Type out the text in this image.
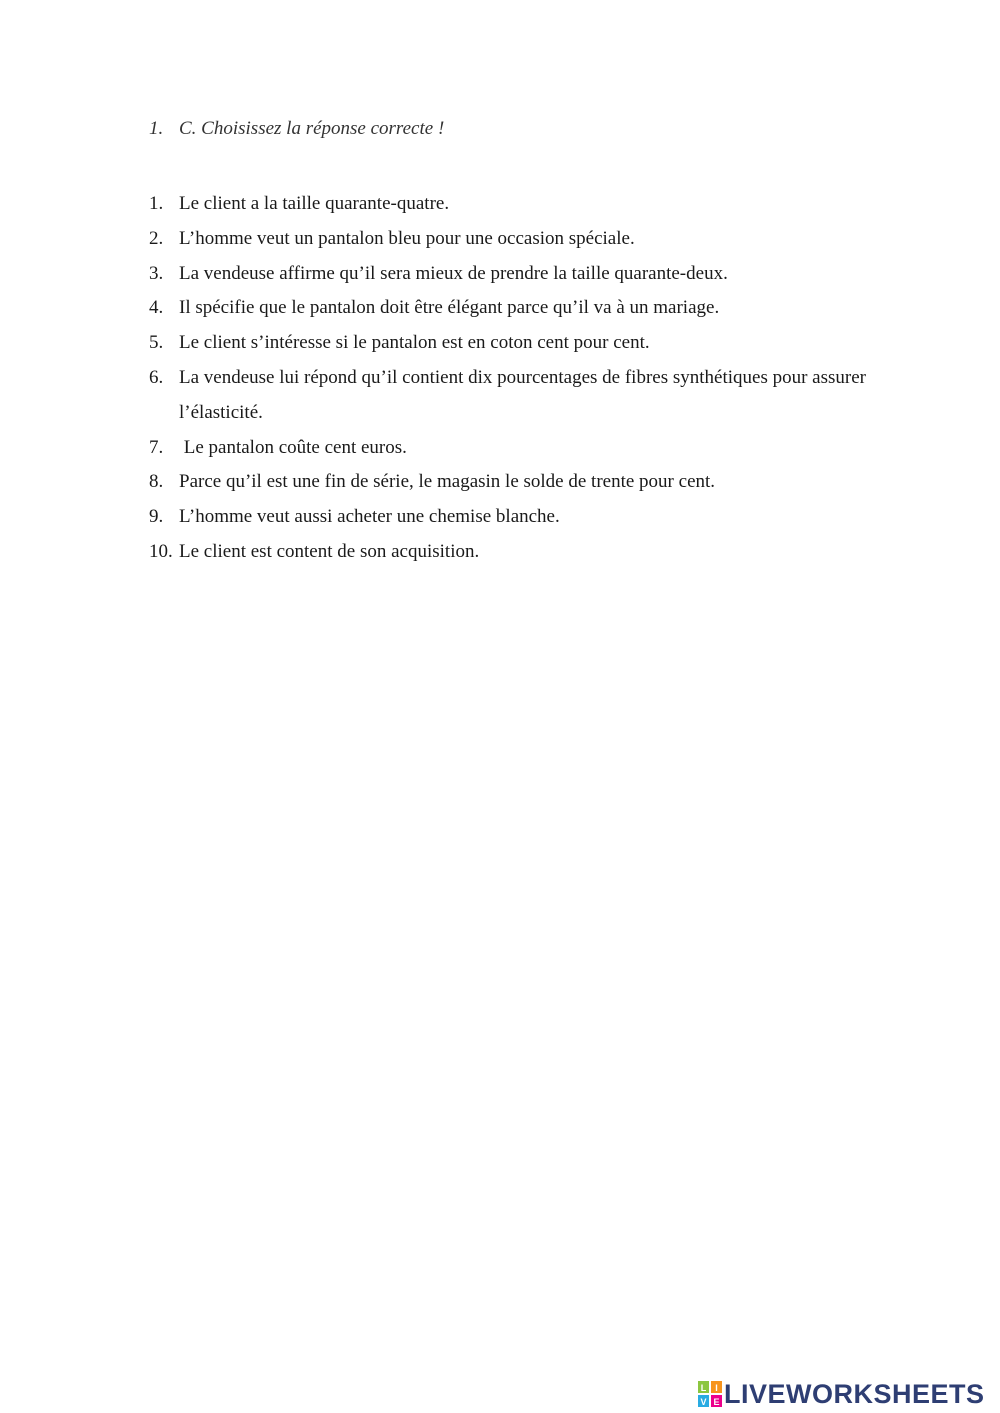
1. C. Choisissez la réponse correcte !
1. Le client a la taille quarante-quatre.
2. L’homme veut un pantalon bleu pour une occasion spéciale.
3. La vendeuse affirme qu’il sera mieux de prendre la taille quarante-deux.
4. Il spécifie que le pantalon doit être élégant parce qu’il va à un mariage.
5. Le client s’intéresse si le pantalon est en coton cent pour cent.
6. La vendeuse lui répond qu’il contient dix pourcentages de fibres synthétiques pour assurer l’élasticité.
7. Le pantalon coûte cent euros.
8. Parce qu’il est une fin de série, le magasin le solde de trente pour cent.
9. L’homme veut aussi acheter une chemise blanche.
10. Le client est content de son acquisition.
L I
V E LIVEWORKSHEETS
